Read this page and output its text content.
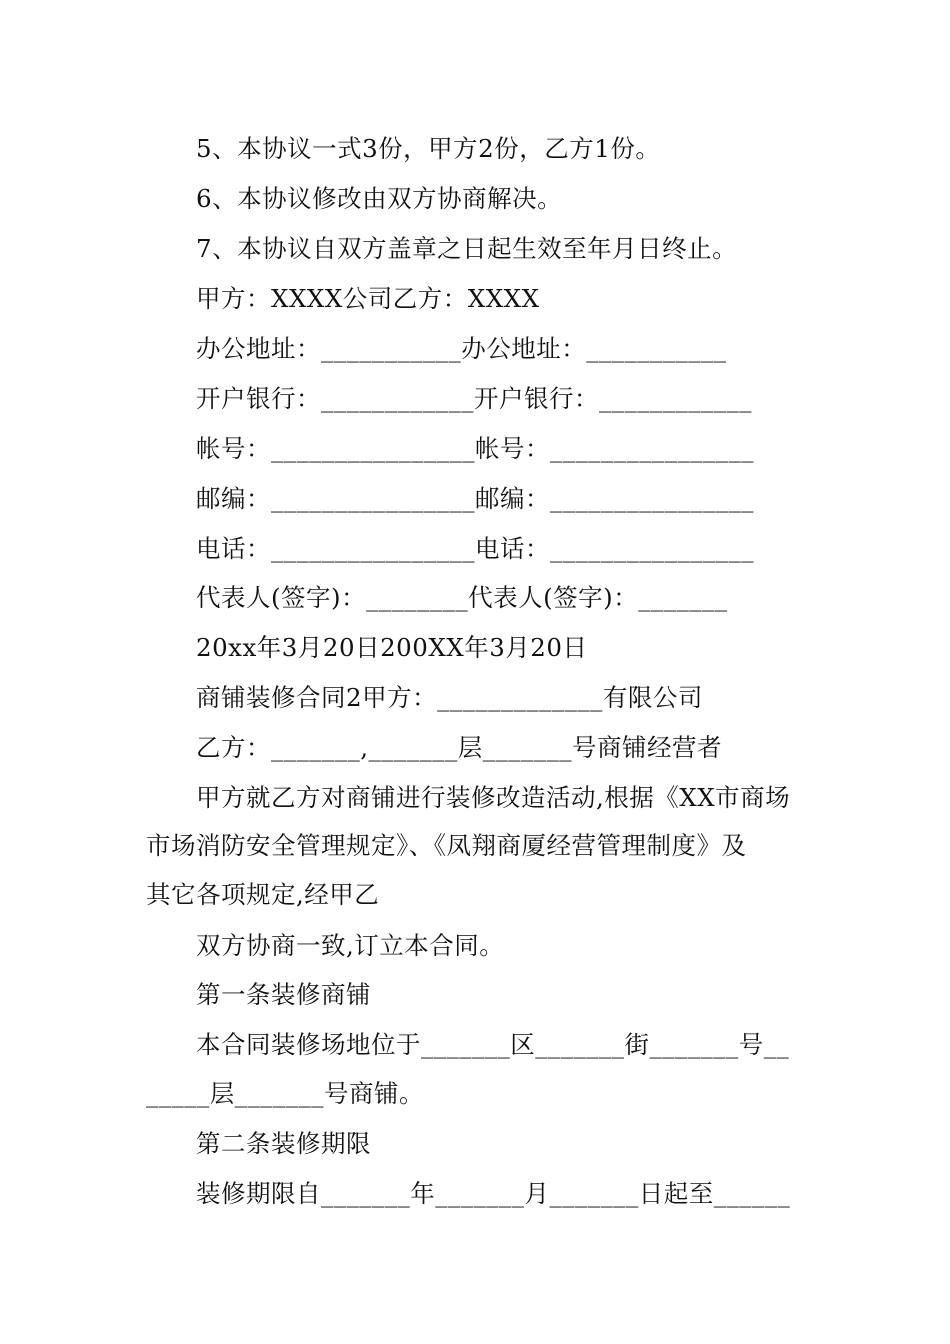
5、本协议一式3份，甲方2份，乙方1份。
6、本协议修改由双方协商解决。
7、本协议自双方盖章之日起生效至年月日终止。
甲方：XXXX公司乙方：XXXX
办公地址：___________办公地址：___________
开户银行：____________开户银行：____________
帐号：________________帐号：________________
邮编：________________邮编：________________
电话：________________电话：________________
代表人(签字)：________代表人(签字)：_______
20xx年3月20日200XX年3月20日
商铺装修合同2甲方：_____________有限公司
乙方：_______,_______层_______号商铺经营者
甲方就乙方对商铺进行装修改造活动,根据《XX市商场
市场消防安全管理规定》、《凤翔商厦经营管理制度》及
其它各项规定,经甲乙
双方协商一致,订立本合同。
第一条装修商铺
本合同装修场地位于_______区_______街_______号__
_____层_______号商铺。
第二条装修期限
装修期限自_______年_______月_______日起至______
